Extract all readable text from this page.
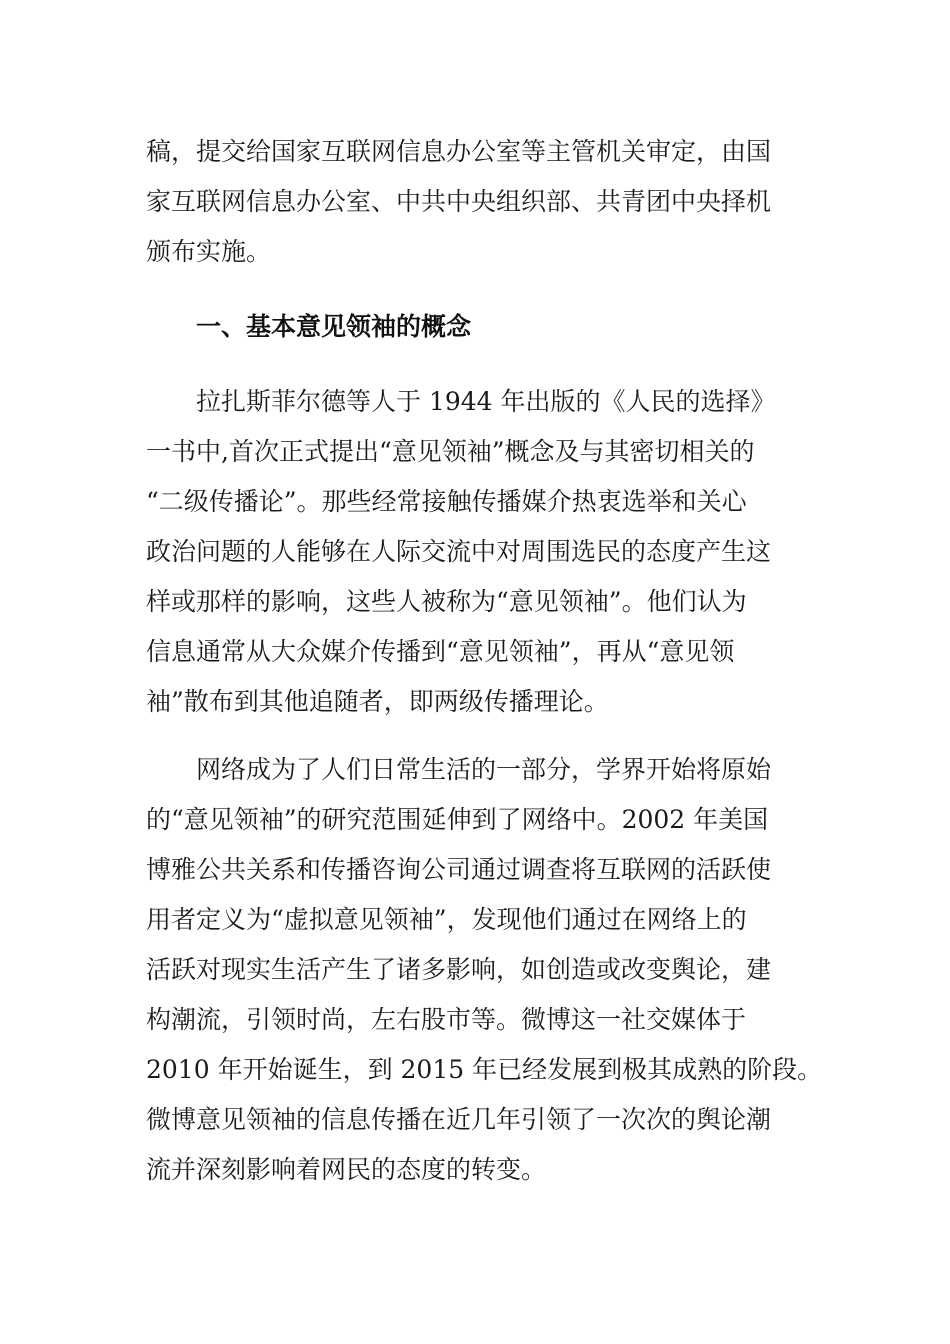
稿，提交给国家互联网信息办公室等主管机关审定，由国
家互联网信息办公室、中共中央组织部、共青团中央择机
颁布实施。
一、基本意见领袖的概念
拉扎斯菲尔德等人于 1944 年出版的《人民的选择》
一书中,首次正式提出“意见领袖”概念及与其密切相关的
“二级传播论”。那些经常接触传播媒介热衷选举和关心
政治问题的人能够在人际交流中对周围选民的态度产生这
样或那样的影响，这些人被称为“意见领袖”。他们认为
信息通常从大众媒介传播到“意见领袖”，再从“意见领
袖”散布到其他追随者，即两级传播理论。
网络成为了人们日常生活的一部分，学界开始将原始
的“意见领袖”的研究范围延伸到了网络中。2002 年美国
博雅公共关系和传播咨询公司通过调查将互联网的活跃使
用者定义为“虚拟意见领袖”，发现他们通过在网络上的
活跃对现实生活产生了诸多影响，如创造或改变舆论，建
构潮流，引领时尚，左右股市等。微博这一社交媒体于
2010 年开始诞生，到 2015 年已经发展到极其成熟的阶段。
微博意见领袖的信息传播在近几年引领了一次次的舆论潮
流并深刻影响着网民的态度的转变。
